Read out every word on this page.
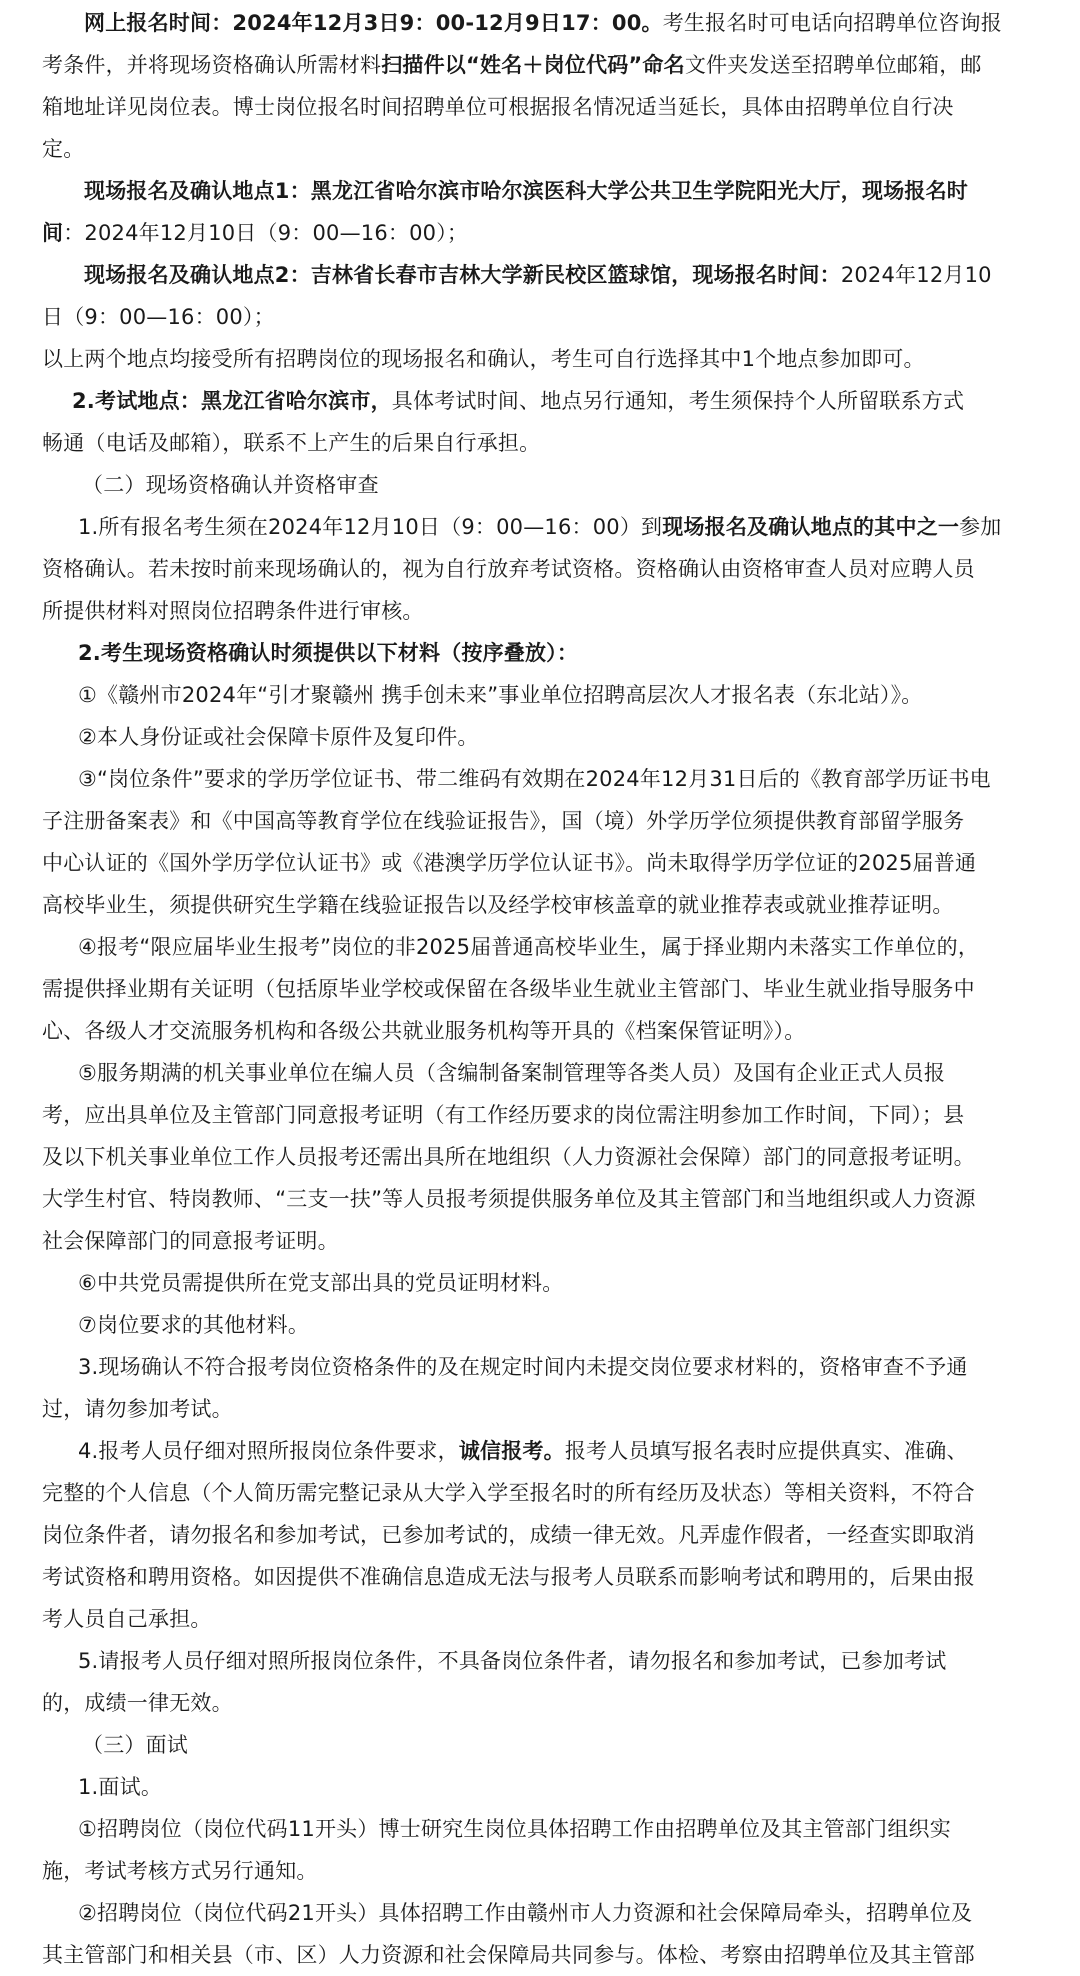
网上报名时间：2024年12月3日9：00-12月9日17：00。考生报名时可电话向招聘单位咨询报
考条件，并将现场资格确认所需材料扫描件以“姓名＋岗位代码”命名文件夹发送至招聘单位邮箱，邮
箱地址详见岗位表。博士岗位报名时间招聘单位可根据报名情况适当延长，具体由招聘单位自行决
定。
现场报名及确认地点1：黑龙江省哈尔滨市哈尔滨医科大学公共卫生学院阳光大厅，现场报名时
间：2024年12月10日（9：00—16：00）；
现场报名及确认地点2：吉林省长春市吉林大学新民校区篮球馆，现场报名时间：2024年12月10
日（9：00—16：00）；
以上两个地点均接受所有招聘岗位的现场报名和确认，考生可自行选择其中1个地点参加即可。
2.考试地点：黑龙江省哈尔滨市，具体考试时间、地点另行通知，考生须保持个人所留联系方式
畅通（电话及邮箱），联系不上产生的后果自行承担。
（二）现场资格确认并资格审查
1.所有报名考生须在2024年12月10日（9：00—16：00）到现场报名及确认地点的其中之一参加
资格确认。若未按时前来现场确认的，视为自行放弃考试资格。资格确认由资格审查人员对应聘人员
所提供材料对照岗位招聘条件进行审核。
2.考生现场资格确认时须提供以下材料（按序叠放）：
①《赣州市2024年“引才聚赣州 携手创未来”事业单位招聘高层次人才报名表（东北站）》。
②本人身份证或社会保障卡原件及复印件。
③“岗位条件”要求的学历学位证书、带二维码有效期在2024年12月31日后的《教育部学历证书电
子注册备案表》和《中国高等教育学位在线验证报告》，国（境）外学历学位须提供教育部留学服务
中心认证的《国外学历学位认证书》或《港澳学历学位认证书》。尚未取得学历学位证的2025届普通
高校毕业生，须提供研究生学籍在线验证报告以及经学校审核盖章的就业推荐表或就业推荐证明。
④报考“限应届毕业生报考”岗位的非2025届普通高校毕业生，属于择业期内未落实工作单位的，
需提供择业期有关证明（包括原毕业学校或保留在各级毕业生就业主管部门、毕业生就业指导服务中
心、各级人才交流服务机构和各级公共就业服务机构等开具的《档案保管证明》）。
⑤服务期满的机关事业单位在编人员（含编制备案制管理等各类人员）及国有企业正式人员报
考，应出具单位及主管部门同意报考证明（有工作经历要求的岗位需注明参加工作时间，下同）；县
及以下机关事业单位工作人员报考还需出具所在地组织（人力资源社会保障）部门的同意报考证明。
大学生村官、特岗教师、“三支一扶”等人员报考须提供服务单位及其主管部门和当地组织或人力资源
社会保障部门的同意报考证明。
⑥中共党员需提供所在党支部出具的党员证明材料。
⑦岗位要求的其他材料。
3.现场确认不符合报考岗位资格条件的及在规定时间内未提交岗位要求材料的，资格审查不予通
过，请勿参加考试。
4.报考人员仔细对照所报岗位条件要求，诚信报考。报考人员填写报名表时应提供真实、准确、
完整的个人信息（个人简历需完整记录从大学入学至报名时的所有经历及状态）等相关资料，不符合
岗位条件者，请勿报名和参加考试，已参加考试的，成绩一律无效。凡弄虚作假者，一经查实即取消
考试资格和聘用资格。如因提供不准确信息造成无法与报考人员联系而影响考试和聘用的，后果由报
考人员自己承担。
5.请报考人员仔细对照所报岗位条件，不具备岗位条件者，请勿报名和参加考试，已参加考试
的，成绩一律无效。
（三）面试
1.面试。
①招聘岗位（岗位代码11开头）博士研究生岗位具体招聘工作由招聘单位及其主管部门组织实
施，考试考核方式另行通知。
②招聘岗位（岗位代码21开头）具体招聘工作由赣州市人力资源和社会保障局牵头，招聘单位及
其主管部门和相关县（市、区）人力资源和社会保障局共同参与。体检、考察由招聘单位及其主管部
